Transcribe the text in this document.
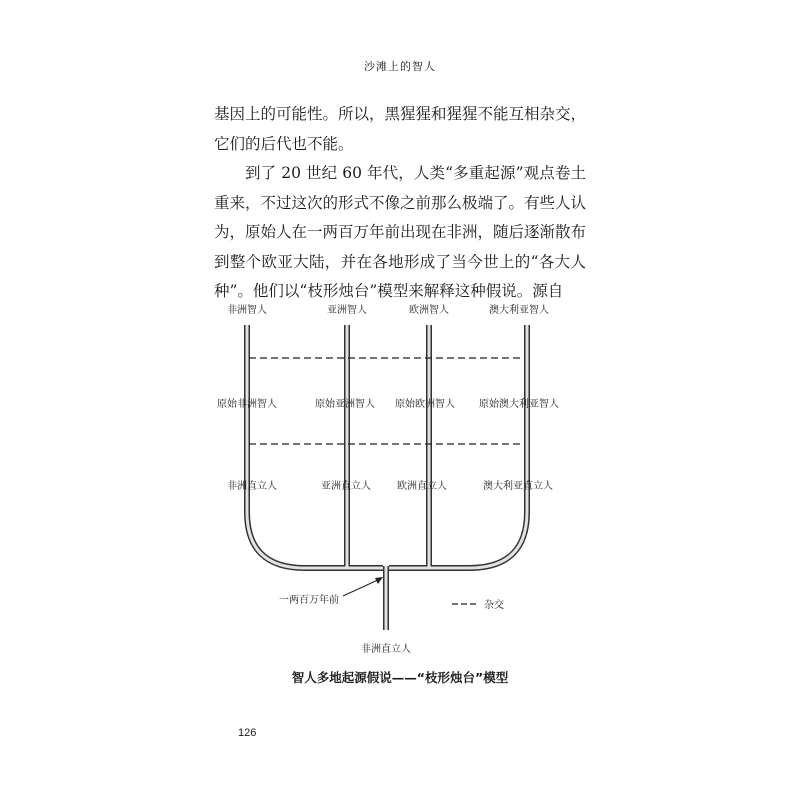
沙滩上的智人

基因上的可能性。所以，黑猩猩和猩猩不能互相杂交，它们的后代也不能。

到了 20 世纪 60 年代，人类“多重起源”观点卷土重来，不过这次的形式不像之前那么极端了。有些人认为，原始人在一两百万年前出现在非洲，随后逐渐散布到整个欧亚大陆，并在各地形成了当今世上的“各大人种”。他们以“枝形烛台”模型来解释这种假说。源自

非洲智人	亚洲智人	欧洲智人	澳大利亚智人
原始非洲智人	原始亚洲智人 原始欧洲智人 原始澳大利亚智人
非洲直立人	亚洲直立人	欧洲直立人	澳大利亚直立人
一两百万年前	杂交
非洲直立人
智人多地起源假说——“枝形烛台”模型
126
